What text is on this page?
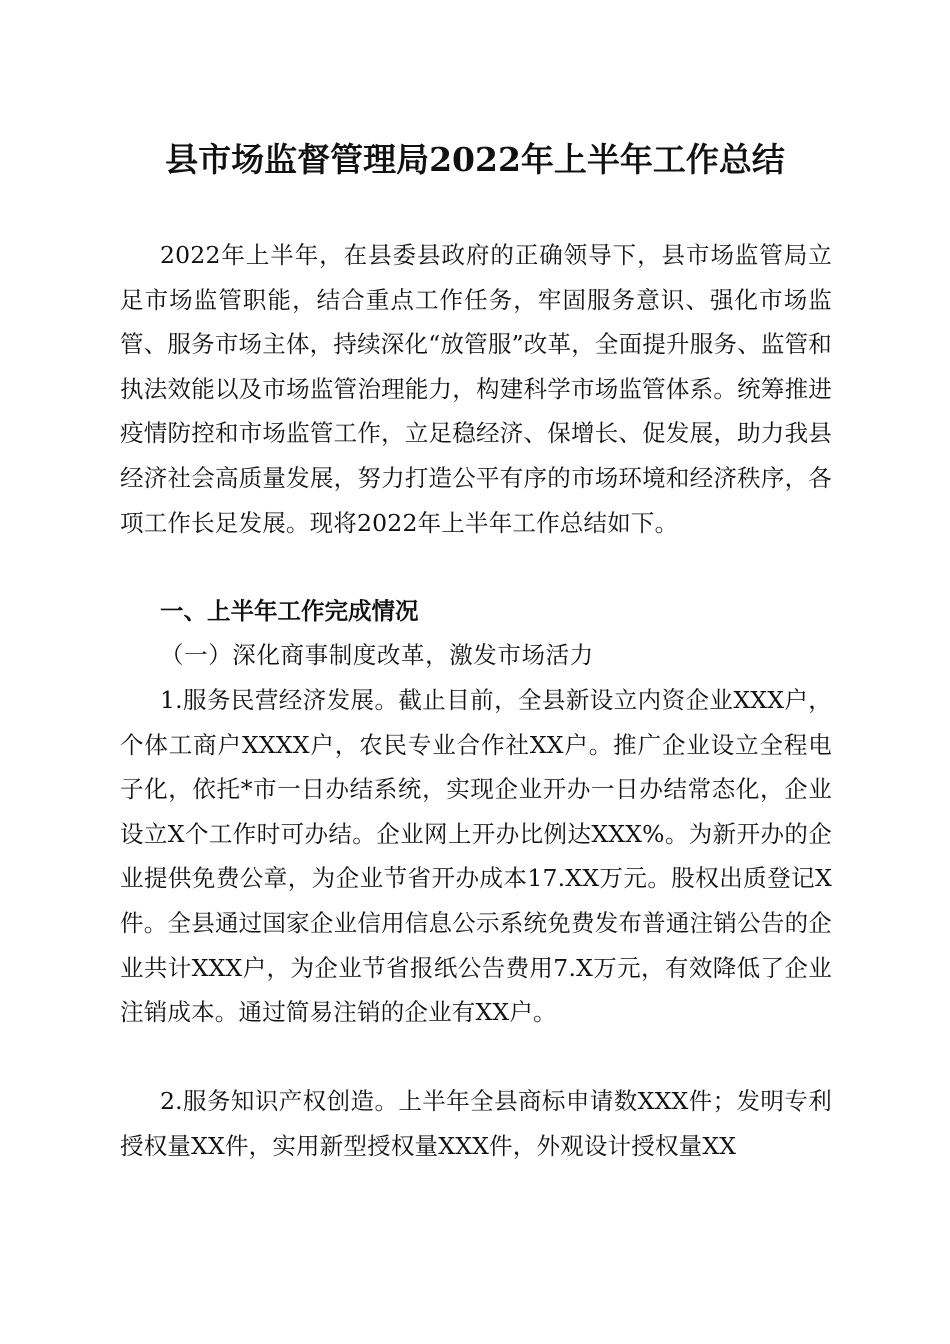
县市场监督管理局2022年上半年工作总结

2022年上半年，在县委县政府的正确领导下，县市场监管局立足市场监管职能，结合重点工作任务，牢固服务意识、强化市场监管、服务市场主体，持续深化“放管服”改革，全面提升服务、监管和执法效能以及市场监管治理能力，构建科学市场监管体系。统筹推进疫情防控和市场监管工作，立足稳经济、保增长、促发展，助力我县经济社会高质量发展，努力打造公平有序的市场环境和经济秩序，各项工作长足发展。现将2022年上半年工作总结如下。

一、上半年工作完成情况

（一）深化商事制度改革，激发市场活力

1.服务民营经济发展。截止目前，全县新设立内资企业XXX户，个体工商户XXXX户，农民专业合作社XX户。推广企业设立全程电子化，依托*市一日办结系统，实现企业开办一日办结常态化，企业设立X个工作时可办结。企业网上开办比例达XXX%。为新开办的企业提供免费公章，为企业节省开办成本17.XX万元。股权出质登记X件。全县通过国家企业信用信息公示系统免费发布普通注销公告的企业共计XXX户，为企业节省报纸公告费用7.X万元，有效降低了企业注销成本。通过简易注销的企业有XX户。

2.服务知识产权创造。上半年全县商标申请数XXX件；发明专利授权量XX件，实用新型授权量XXX件，外观设计授权量XX
